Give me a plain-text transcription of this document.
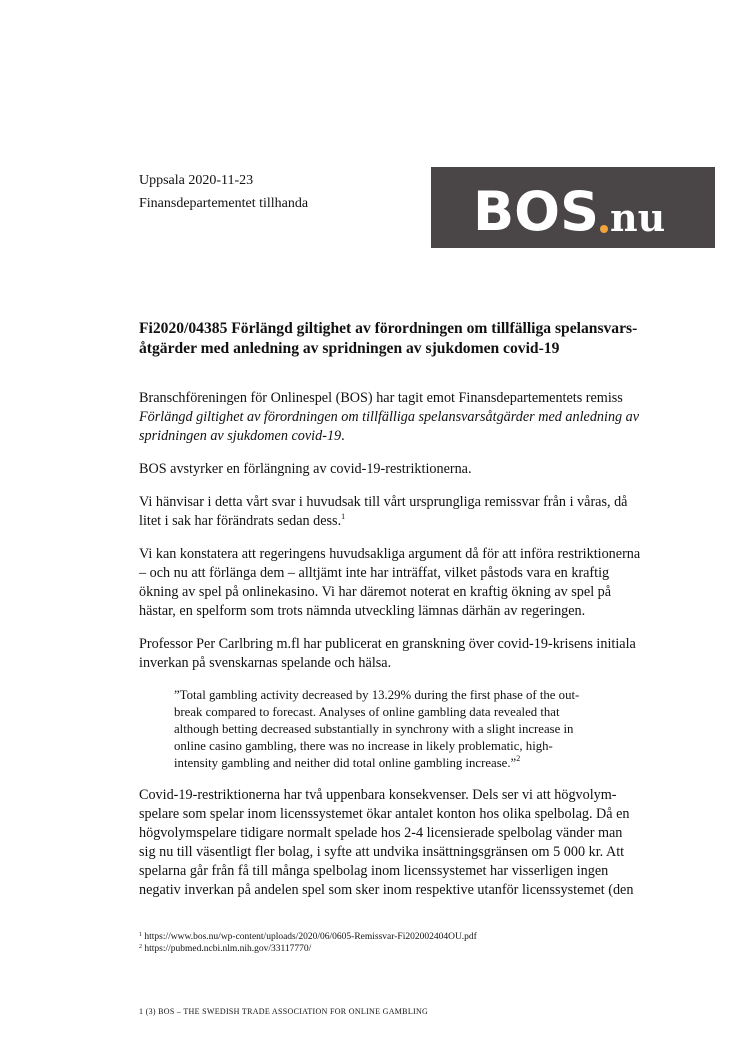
Uppsala 2020-11-23
Finansdepartementet tillhanda	BOS nu
Fi2020/04385 Förlängd giltighet av förordningen om tillfälliga spelansvars-
åtgärder med anledning av spridningen av sjukdomen covid-19

Branschföreningen för Onlinespel (BOS) har tagit emot Finansdepartementets remiss
Förlängd giltighet av förordningen om tillfälliga spelansvarsåtgärder med anledning av
spridningen av sjukdomen covid-19.

BOS avstyrker en förlängning av covid-19-restriktionerna.

Vi hänvisar i detta vårt svar i huvudsak till vårt ursprungliga remissvar från i våras, då
litet i sak har förändrats sedan dess.$^1$

Vi kan konstatera att regeringens huvudsakliga argument då för att införa restriktionerna
– och nu att förlänga dem – alltjämt inte har inträffat, vilket påstods vara en kraftig
ökning av spel på onlinekasino. Vi har däremot noterat en kraftig ökning av spel på
hästar, en spelform som trots nämnda utveckling lämnas därhän av regeringen.

Professor Per Carlbring m.fl har publicerat en granskning över covid-19-krisens initiala
inverkan på svenskarnas spelande och hälsa.

”Total gambling activity decreased by 13.29% during the first phase of the out-
break compared to forecast. Analyses of online gambling data revealed that
although betting decreased substantially in synchrony with a slight increase in
online casino gambling, there was no increase in likely problematic, high-
intensity gambling and neither did total online gambling increase.”$^2$

Covid-19-restriktionerna har två uppenbara konsekvenser. Dels ser vi att högvolym-
spelare som spelar inom licenssystemet ökar antalet konton hos olika spelbolag. Då en
högvolymspelare tidigare normalt spelade hos 2-4 licensierade spelbolag vänder man
sig nu till väsentligt fler bolag, i syfte att undvika insättningsgränsen om 5 000 kr. Att
spelarna går från få till många spelbolag inom licenssystemet har visserligen ingen
negativ inverkan på andelen spel som sker inom respektive utanför licenssystemet (den

$^1$ https://www.bos.nu/wp-content/uploads/2020/06/0605-Remissvar-Fi202002404OU.pdf
$^2$ https://pubmed.ncbi.nlm.nih.gov/33117770/
1 (3) BOS – THE SWEDISH TRADE ASSOCIATION FOR ONLINE GAMBLING
